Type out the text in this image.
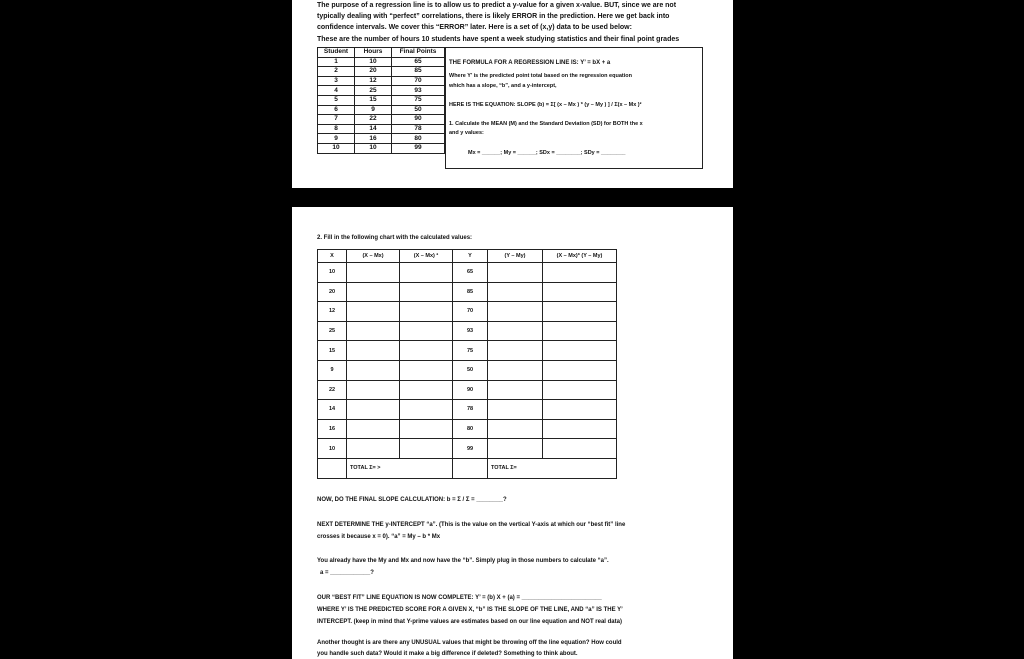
The purpose of a regression line is to allow us to predict a y-value for a given x-value. BUT, since we are not
typically dealing with “perfect” correlations, there is likely ERROR in the prediction. Here we get back into
confidence intervals. We cover this “ERROR” later. Here is a set of (x,y) data to be used below:
These are the number of hours 10 students have spent a week studying statistics and their final point grades
Student	Hours	Final Points
1	10	65
2	20	85
3	12	70
4	25	93
5	15	75
6	9	50
7	22	90
8	14	78
9	16	80
10	10	99
THE FORMULA FOR A REGRESSION LINE IS: Y’ = bX + a
Where Y’ is the predicted point total based on the regression equation
which has a slope, “b”, and a y-intercept,
HERE IS THE EQUATION: SLOPE (b) = Σ[ (x – Mx ) * (y – My ) ] / Σ(x – Mx )²
1. Calculate the MEAN (M) and the Standard Deviation (SD) for BOTH the x
and y values:
Mx = ______; My = ______; SDx = ________; SDy = ________
2. Fill in the following chart with the calculated values:
X	(X – Mx)	(X – Mx) ²	Y	(Y – My)	(X – Mx)* (Y – My)
10			65		
20			85		
12			70		
25			93		
15			75		
9			50		
22			90		
14			78		
16			80		
10			99		
	TOTAL Σ= >			TOTAL Σ=	
NOW, DO THE FINAL SLOPE CALCULATION: b = Σ / Σ = ________?
NEXT DETERMINE THE y-INTERCEPT “a”. (This is the value on the vertical Y-axis at which our “best fit” line
crosses it because x = 0). “a” = My – b * Mx
You already have the My and Mx and now have the “b”. Simply plug in those numbers to calculate “a”.
a = ____________?
OUR “BEST FIT” LINE EQUATION IS NOW COMPLETE: Y’ = (b) X + (a) = ________________________
WHERE Y’ IS THE PREDICTED SCORE FOR A GIVEN X, “b” IS THE SLOPE OF THE LINE, AND “a” IS THE Y’
INTERCEPT. (keep in mind that Y-prime values are estimates based on our line equation and NOT real data)
Another thought is are there any UNUSUAL values that might be throwing off the line equation? How could
you handle such data? Would it make a big difference if deleted? Something to think about.
